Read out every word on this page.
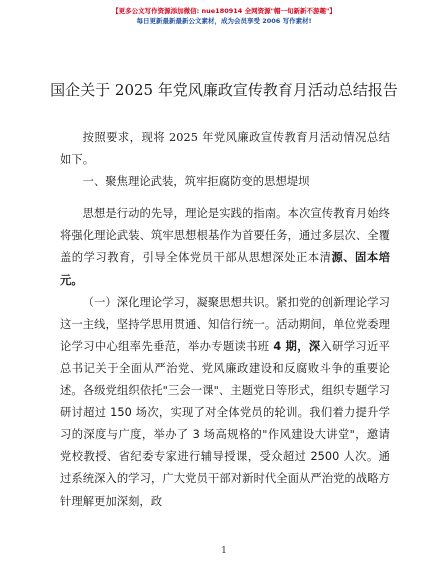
【更多公文写作资源添加微信: nue180914 全网资源"帽一旬新新不游趣"】
每日更新最新最新公文素材，成为会员享受 2006 写作素材!
国企关于 2025 年党风廉政宣传教育月活动总结报告

按照要求，现将 2025 年党风廉政宣传教育月活动情况总结如下。

一、聚焦理论武装，筑牢拒腐防变的思想堤坝

思想是行动的先导，理论是实践的指南。本次宣传教育月始终将强化理论武装、筑牢思想根基作为首要任务，通过多层次、全覆盖的学习教育，引导全体党员干部从思想深处正本清源、固本培元。

（一）深化理论学习，凝聚思想共识。紧扣党的创新理论学习这一主线，坚持学思用贯通、知信行统一。活动期间，单位党委理论学习中心组率先垂范，举办专题读书班 4 期，深入研学习近平总书记关于全面从严治党、党风廉政建设和反腐败斗争的重要论述。各级党组织依托"三会一课"、主题党日等形式，组织专题学习研讨超过 150 场次，实现了对全体党员的轮训。我们着力提升学习的深度与广度，举办了 3 场高规格的"作风建设大讲堂"，邀请党校教授、省纪委专家进行辅导授课，受众超过 2500 人次。通过系统深入的学习，广大党员干部对新时代全面从严治党的战略方针理解更加深刻，政

1
